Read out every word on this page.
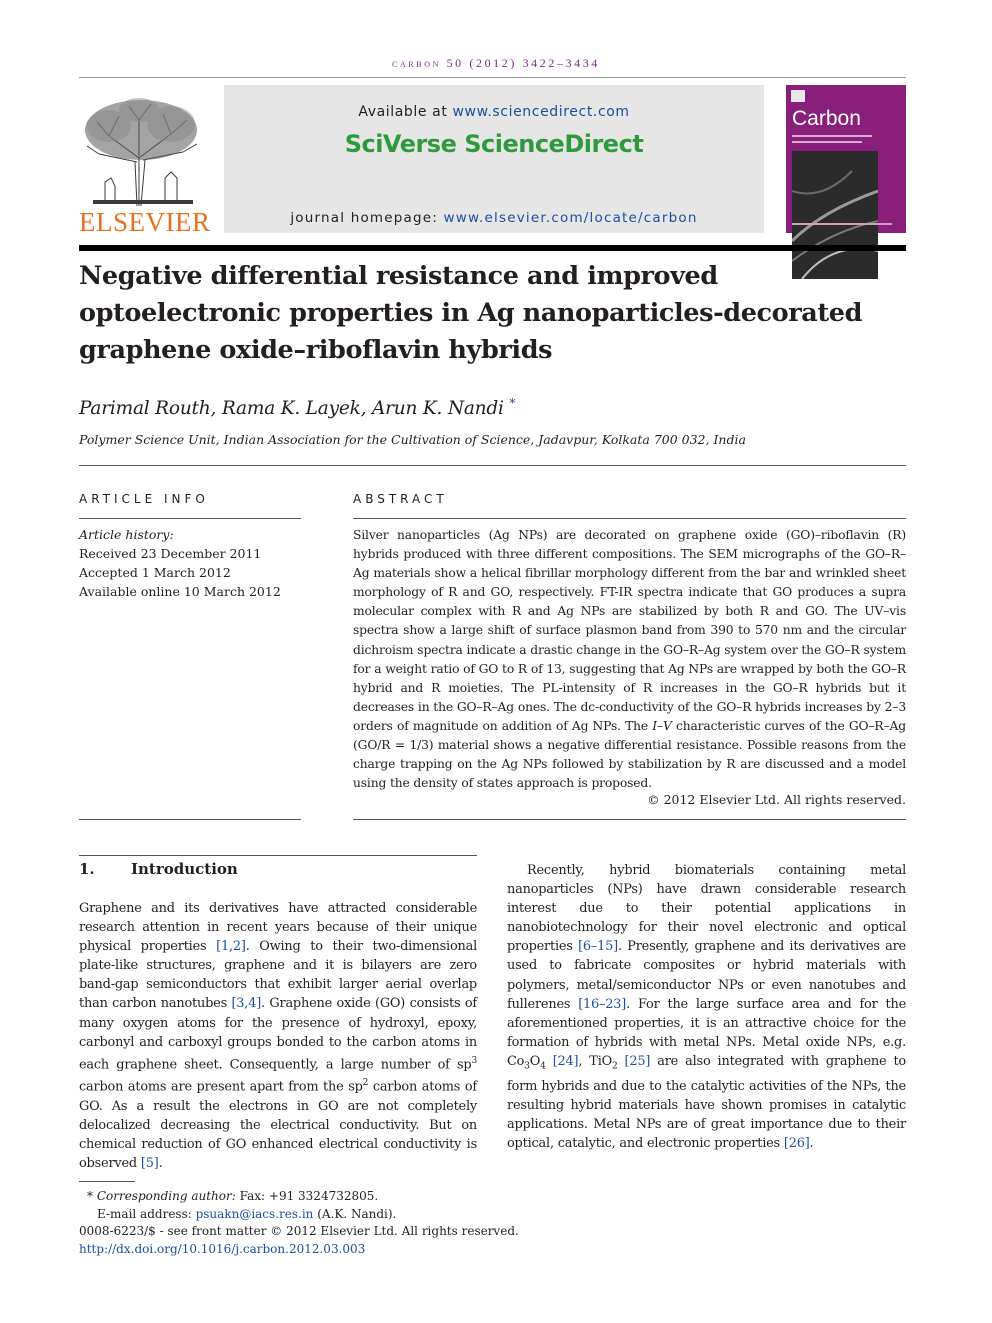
carbon 50 (2012) 3422–3434
ELSEVIER
Available at www.sciencedirect.com
SciVerse ScienceDirect
journal homepage: www.elsevier.com/locate/carbon
Carbon
Negative differential resistance and improved optoelectronic properties in Ag nanoparticles-decorated graphene oxide–riboflavin hybrids
Parimal Routh, Rama K. Layek, Arun K. Nandi *
Polymer Science Unit, Indian Association for the Cultivation of Science, Jadavpur, Kolkata 700 032, India
ARTICLE INFO
Article history:
Received 23 December 2011
Accepted 1 March 2012
Available online 10 March 2012
ABSTRACT
Silver nanoparticles (Ag NPs) are decorated on graphene oxide (GO)–riboflavin (R) hybrids produced with three different compositions. The SEM micrographs of the GO–R–Ag materials show a helical fibrillar morphology different from the bar and wrinkled sheet morphology of R and GO, respectively. FT-IR spectra indicate that GO produces a supra molecular complex with R and Ag NPs are stabilized by both R and GO. The UV–vis spectra show a large shift of surface plasmon band from 390 to 570 nm and the circular dichroism spectra indicate a drastic change in the GO–R–Ag system over the GO–R system for a weight ratio of GO to R of 13, suggesting that Ag NPs are wrapped by both the GO–R hybrid and R moieties. The PL-intensity of R increases in the GO–R hybrids but it decreases in the GO–R–Ag ones. The dc-conductivity of the GO–R hybrids increases by 2–3 orders of magnitude on addition of Ag NPs. The I–V characteristic curves of the GO–R–Ag (GO/R = 1/3) material shows a negative differential resistance. Possible reasons from the charge trapping on the Ag NPs followed by stabilization by R are discussed and a model using the density of states approach is proposed.
© 2012 Elsevier Ltd. All rights reserved.
1. Introduction
Graphene and its derivatives have attracted considerable research attention in recent years because of their unique physical properties [1,2]. Owing to their two-dimensional plate-like structures, graphene and it is bilayers are zero band-gap semiconductors that exhibit larger aerial overlap than carbon nanotubes [3,4]. Graphene oxide (GO) consists of many oxygen atoms for the presence of hydroxyl, epoxy, carbonyl and carboxyl groups bonded to the carbon atoms in each graphene sheet. Consequently, a large number of $sp^3$ carbon atoms are present apart from the $sp^2$ carbon atoms of GO. As a result the electrons in GO are not completely delocalized decreasing the electrical conductivity. But on chemical reduction of GO enhanced electrical conductivity is observed [5].
Recently, hybrid biomaterials containing metal nanoparticles (NPs) have drawn considerable research interest due to their potential applications in nanobiotechnology for their novel electronic and optical properties [6–15]. Presently, graphene and its derivatives are used to fabricate composites or hybrid materials with polymers, metal/semiconductor NPs or even nanotubes and fullerenes [16–23]. For the large surface area and for the aforementioned properties, it is an attractive choice for the formation of hybrids with metal NPs. Metal oxide NPs, e.g. $Co_3O_4$ [24], TiO$_2$ [25] are also integrated with graphene to form hybrids and due to the catalytic activities of the NPs, the resulting hybrid materials have shown promises in catalytic applications. Metal NPs are of great importance due to their optical, catalytic, and electronic properties [26].
* Corresponding author: Fax: +91 3324732805.
E-mail address: psuakn@iacs.res.in (A.K. Nandi).
0008-6223/$ - see front matter © 2012 Elsevier Ltd. All rights reserved.
http://dx.doi.org/10.1016/j.carbon.2012.03.003
